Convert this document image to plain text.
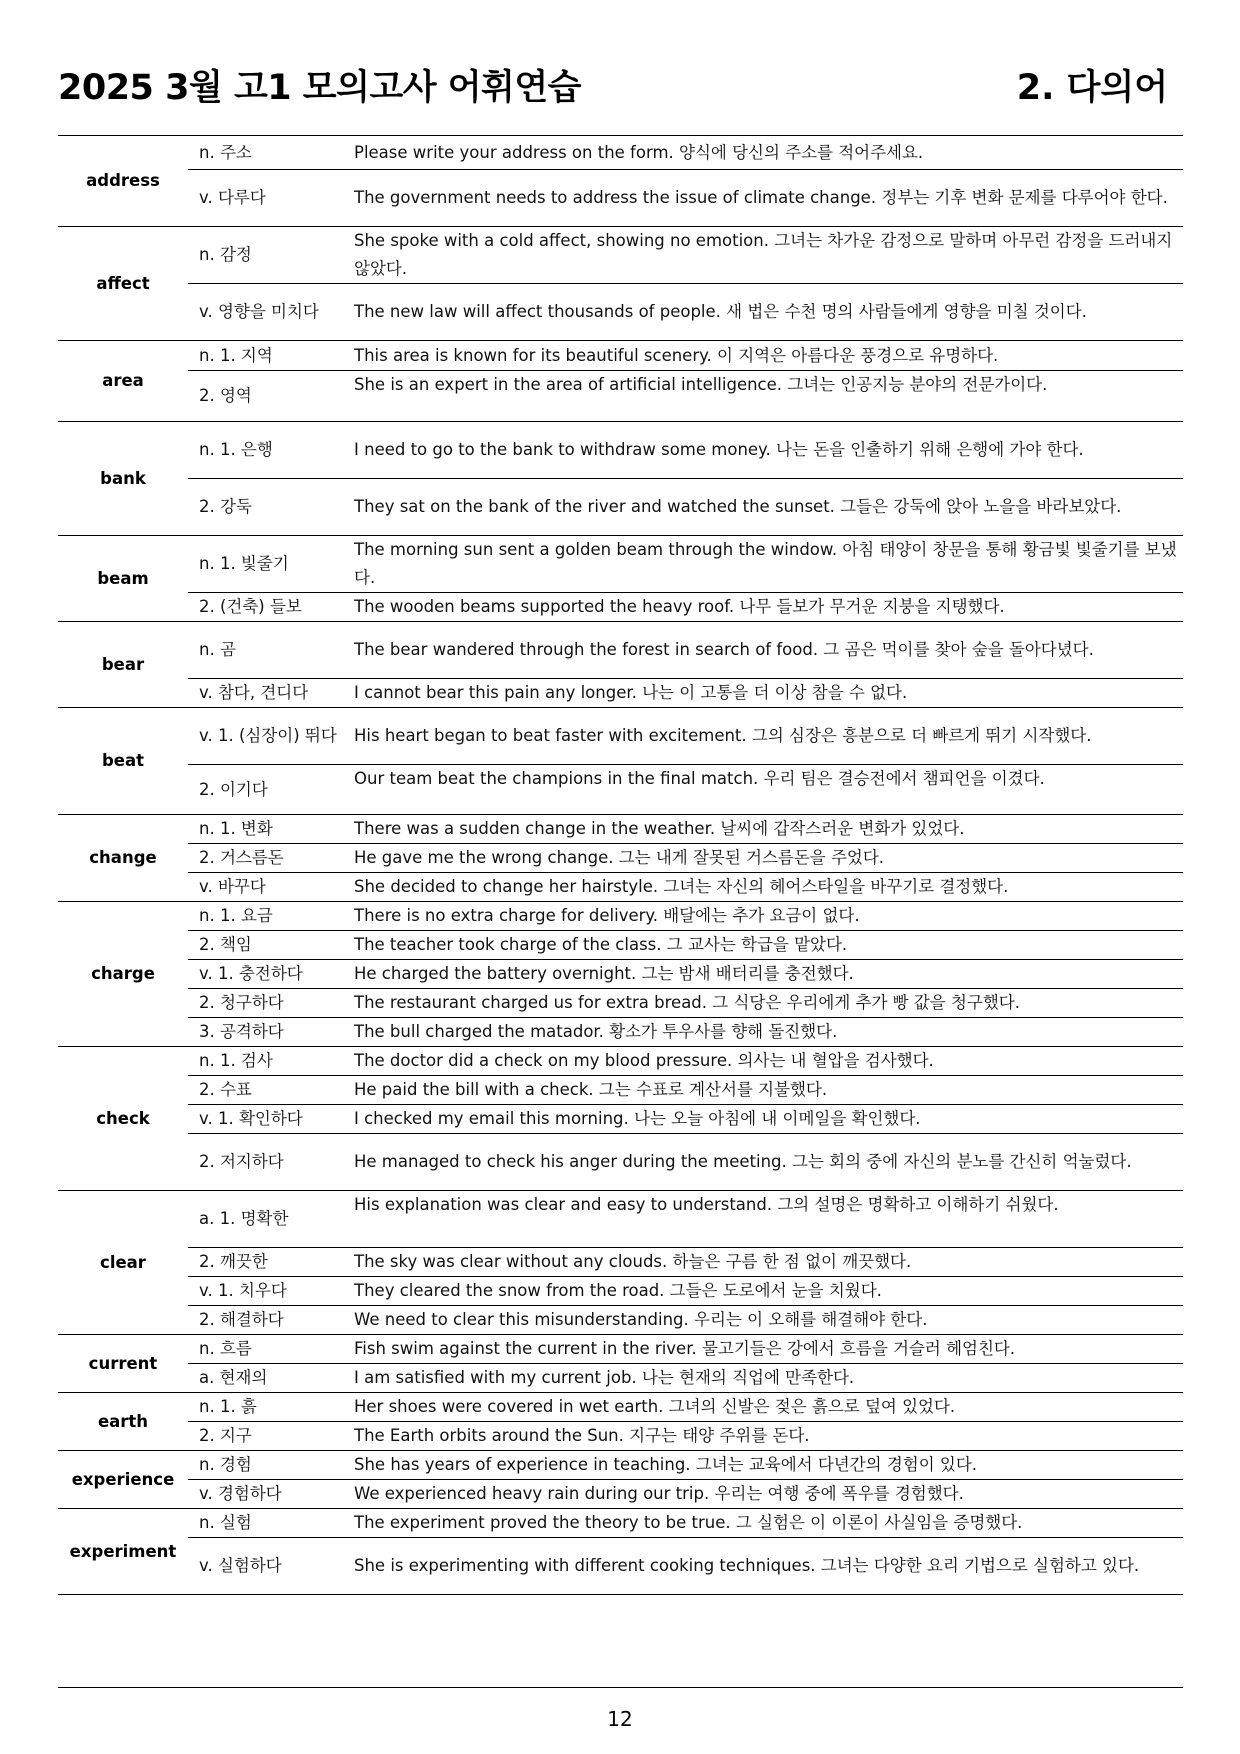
2025 3월 고1 모의고사 어휘연습	2. 다의어
address	n. 주소	Please write your address on the form. 양식에 당신의 주소를 적어주세요.
	v. 다루다	The government needs to address the issue of climate change. 정부는 기후 변화 문제를 다루어야 한다.
affect	n. 감정	She spoke with a cold affect, showing no emotion. 그녀는 차가운 감정으로 말하며 아무런 감정을 드러내지 않았다.
	v. 영향을 미치다	The new law will affect thousands of people. 새 법은 수천 명의 사람들에게 영향을 미칠 것이다.
area	n. 1. 지역	This area is known for its beautiful scenery. 이 지역은 아름다운 풍경으로 유명하다.
	2. 영역	She is an expert in the area of artificial intelligence. 그녀는 인공지능 분야의 전문가이다.
bank	n. 1. 은행	I need to go to the bank to withdraw some money. 나는 돈을 인출하기 위해 은행에 가야 한다.
	2. 강둑	They sat on the bank of the river and watched the sunset. 그들은 강둑에 앉아 노을을 바라보았다.
beam	n. 1. 빛줄기	The morning sun sent a golden beam through the window. 아침 태양이 창문을 통해 황금빛 빛줄기를 보냈다.
	2. (건축) 들보	The wooden beams supported the heavy roof. 나무 들보가 무거운 지붕을 지탱했다.
bear	n. 곰	The bear wandered through the forest in search of food. 그 곰은 먹이를 찾아 숲을 돌아다녔다.
	v. 참다, 견디다	I cannot bear this pain any longer. 나는 이 고통을 더 이상 참을 수 없다.
beat	v. 1. (심장이) 뛰다	His heart began to beat faster with excitement. 그의 심장은 흥분으로 더 빠르게 뛰기 시작했다.
	2. 이기다	Our team beat the champions in the final match. 우리 팀은 결승전에서 챔피언을 이겼다.
change	n. 1. 변화	There was a sudden change in the weather. 날씨에 갑작스러운 변화가 있었다.
	2. 거스름돈	He gave me the wrong change. 그는 내게 잘못된 거스름돈을 주었다.
	v. 바꾸다	She decided to change her hairstyle. 그녀는 자신의 헤어스타일을 바꾸기로 결정했다.
charge	n. 1. 요금	There is no extra charge for delivery. 배달에는 추가 요금이 없다.
	2. 책임	The teacher took charge of the class. 그 교사는 학급을 맡았다.
	v. 1. 충전하다	He charged the battery overnight. 그는 밤새 배터리를 충전했다.
	2. 청구하다	The restaurant charged us for extra bread. 그 식당은 우리에게 추가 빵 값을 청구했다.
	3. 공격하다	The bull charged the matador. 황소가 투우사를 향해 돌진했다.
check	n. 1. 검사	The doctor did a check on my blood pressure. 의사는 내 혈압을 검사했다.
	2. 수표	He paid the bill with a check. 그는 수표로 계산서를 지불했다.
	v. 1. 확인하다	I checked my email this morning. 나는 오늘 아침에 내 이메일을 확인했다.
	2. 저지하다	He managed to check his anger during the meeting. 그는 회의 중에 자신의 분노를 간신히 억눌렀다.
clear	a. 1. 명확한	His explanation was clear and easy to understand. 그의 설명은 명확하고 이해하기 쉬웠다.
	2. 깨끗한	The sky was clear without any clouds. 하늘은 구름 한 점 없이 깨끗했다.
	v. 1. 치우다	They cleared the snow from the road. 그들은 도로에서 눈을 치웠다.
	2. 해결하다	We need to clear this misunderstanding. 우리는 이 오해를 해결해야 한다.
current	n. 흐름	Fish swim against the current in the river. 물고기들은 강에서 흐름을 거슬러 헤엄친다.
	a. 현재의	I am satisfied with my current job. 나는 현재의 직업에 만족한다.
earth	n. 1. 흙	Her shoes were covered in wet earth. 그녀의 신발은 젖은 흙으로 덮여 있었다.
	2. 지구	The Earth orbits around the Sun. 지구는 태양 주위를 돈다.
experience	n. 경험	She has years of experience in teaching. 그녀는 교육에서 다년간의 경험이 있다.
	v. 경험하다	We experienced heavy rain during our trip. 우리는 여행 중에 폭우를 경험했다.
experiment	n. 실험	The experiment proved the theory to be true. 그 실험은 이 이론이 사실임을 증명했다.
	v. 실험하다	She is experimenting with different cooking techniques. 그녀는 다양한 요리 기법으로 실험하고 있다.
12
